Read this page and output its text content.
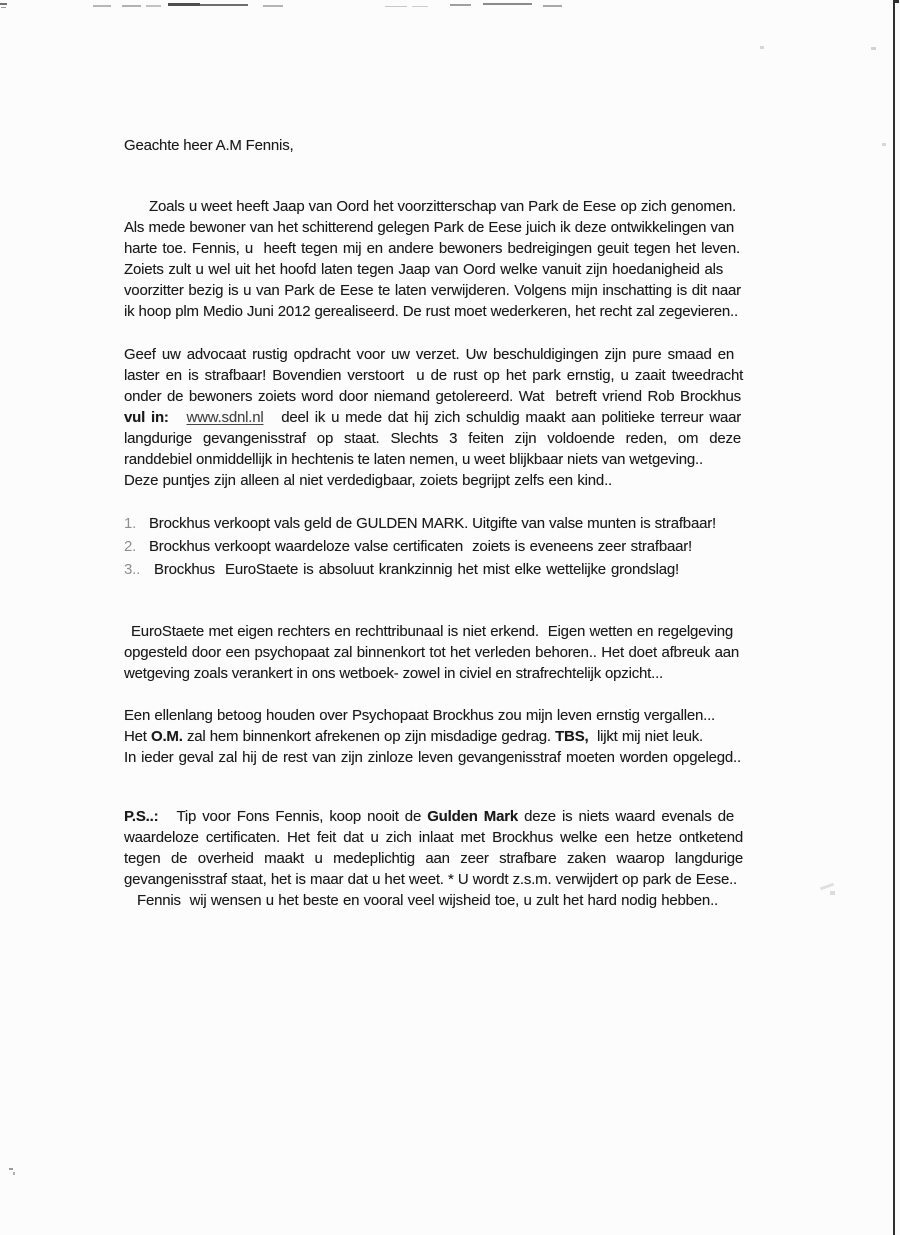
Geachte heer A.M Fennis,
Zoals u weet heeft Jaap van Oord het voorzitterschap van Park de Eese op zich genomen.
Als mede bewoner van het schitterend gelegen Park de Eese juich ik deze ontwikkelingen van
harte toe. Fennis, u  heeft tegen mij en andere bewoners bedreigingen geuit tegen het leven.
Zoiets zult u wel uit het hoofd laten tegen Jaap van Oord welke vanuit zijn hoedanigheid als
voorzitter bezig is u van Park de Eese te laten verwijderen. Volgens mijn inschatting is dit naar
ik hoop plm Medio Juni 2012 gerealiseerd. De rust moet wederkeren, het recht zal zegevieren..
Geef uw advocaat rustig opdracht voor uw verzet. Uw beschuldigingen zijn pure smaad en
laster en is strafbaar! Bovendien verstoort  u de rust op het park ernstig, u zaait tweedracht
onder de bewoners zoiets word door niemand getolereerd. Wat  betreft vriend Rob Brockhus
vul in: www.sdnl.nl   deel ik u mede dat hij zich schuldig maakt aan politieke terreur waar
langdurige gevangenisstraf op staat. Slechts 3 feiten zijn voldoende reden, om deze
randdebiel onmiddellijk in hechtenis te laten nemen, u weet blijkbaar niets van wetgeving..
Deze puntjes zijn alleen al niet verdedigbaar, zoiets begrijpt zelfs een kind..
1. Brockhus verkoopt vals geld de GULDEN MARK. Uitgifte van valse munten is strafbaar!
2. Brockhus verkoopt waardeloze valse certificaten  zoiets is eveneens zeer strafbaar!
3.. Brockhus  EuroStaete is absoluut krankzinnig het mist elke wettelijke grondslag!
EuroStaete met eigen rechters en rechttribunaal is niet erkend.  Eigen wetten en regelgeving
opgesteld door een psychopaat zal binnenkort tot het verleden behoren.. Het doet afbreuk aan
wetgeving zoals verankert in ons wetboek- zowel in civiel en strafrechtelijk opzicht...
Een ellenlang betoog houden over Psychopaat Brockhus zou mijn leven ernstig vergallen...
Het O.M. zal hem binnenkort afrekenen op zijn misdadige gedrag. TBS,  lijkt mij niet leuk.
In ieder geval zal hij de rest van zijn zinloze leven gevangenisstraf moeten worden opgelegd..
P.S..:   Tip voor Fons Fennis, koop nooit de Gulden Mark deze is niets waard evenals de
waardeloze certificaten. Het feit dat u zich inlaat met Brockhus welke een hetze ontketend
tegen de overheid maakt u medeplichtig aan zeer strafbare zaken waarop langdurige
gevangenisstraf staat, het is maar dat u het weet. * U wordt z.s.m. verwijdert op park de Eese..
Fennis  wij wensen u het beste en vooral veel wijsheid toe, u zult het hard nodig hebben..
